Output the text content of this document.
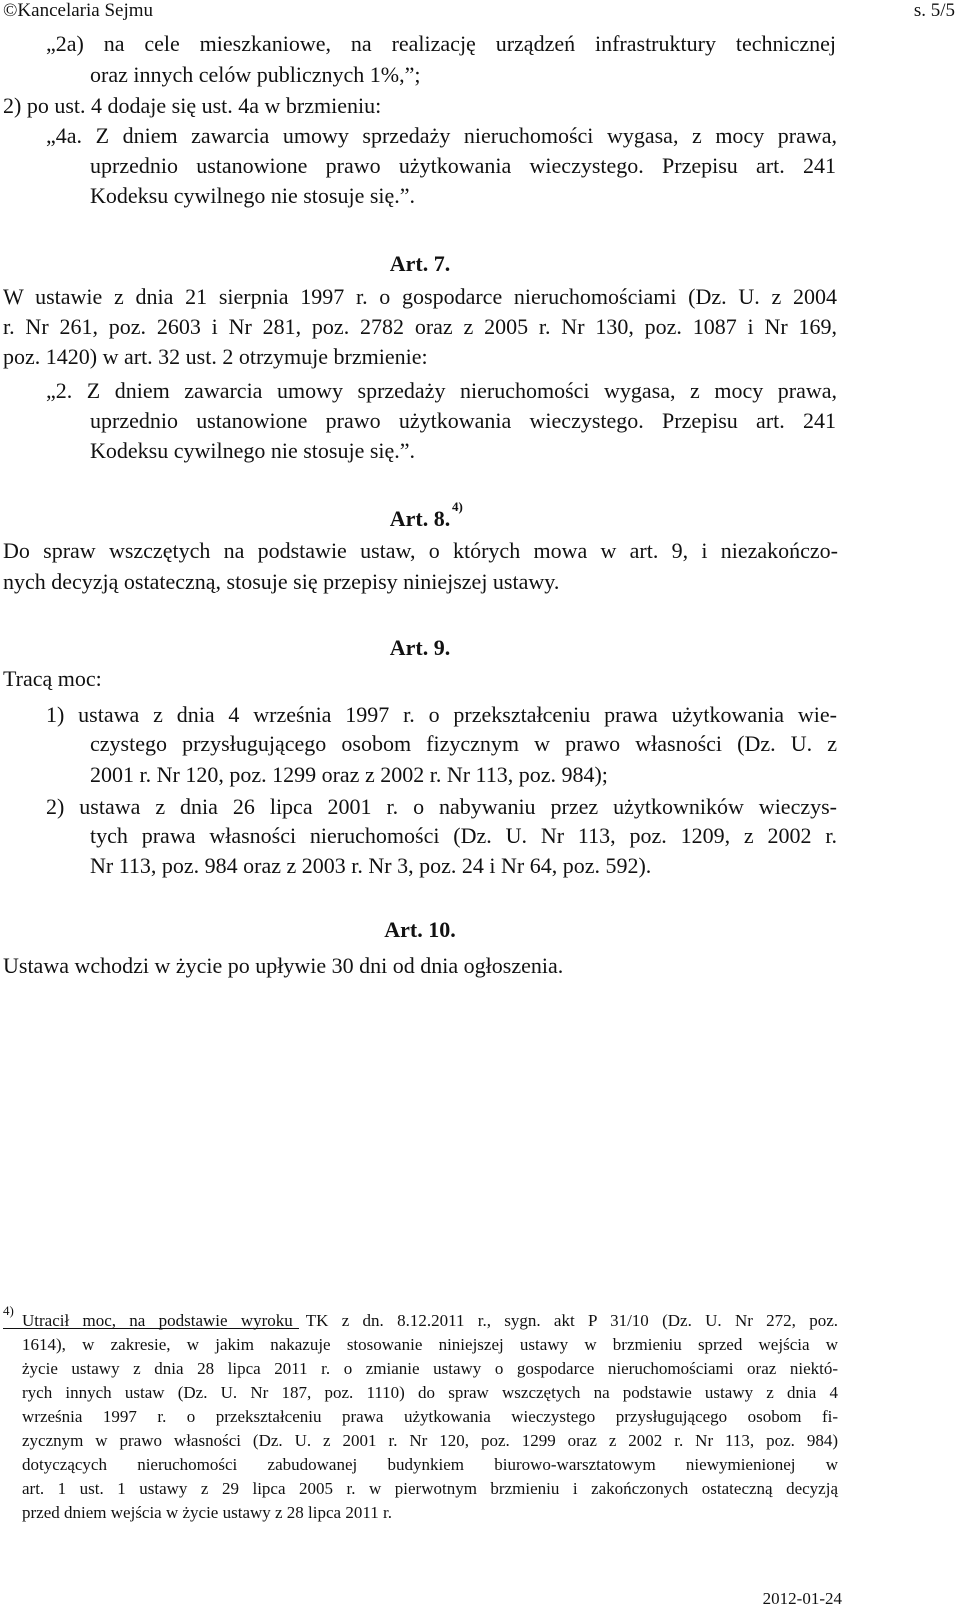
©Kancelaria Sejmu	s. 5/5
„2a) na cele mieszkaniowe, na realizację urządzeń infrastruktury technicznej
oraz innych celów publicznych 1%,”;
2) po ust. 4 dodaje się ust. 4a w brzmieniu:
„4a. Z dniem zawarcia umowy sprzedaży nieruchomości wygasa, z mocy prawa,
uprzednio ustanowione prawo użytkowania wieczystego. Przepisu art. 241
Kodeksu cywilnego nie stosuje się.”.
Art. 7.
W ustawie z dnia 21 sierpnia 1997 r. o gospodarce nieruchomościami (Dz. U. z 2004
r. Nr 261, poz. 2603 i Nr 281, poz. 2782 oraz z 2005 r. Nr 130, poz. 1087 i Nr 169,
poz. 1420) w art. 32 ust. 2 otrzymuje brzmienie:
„2. Z dniem zawarcia umowy sprzedaży nieruchomości wygasa, z mocy prawa,
uprzednio ustanowione prawo użytkowania wieczystego. Przepisu art. 241
Kodeksu cywilnego nie stosuje się.”.
Art. 8. 4)
Do spraw wszczętych na podstawie ustaw, o których mowa w art. 9, i niezakończo-
nych decyzją ostateczną, stosuje się przepisy niniejszej ustawy.
Art. 9.
Tracą moc:
1) ustawa z dnia 4 września 1997 r. o przekształceniu prawa użytkowania wie-
czystego przysługującego osobom fizycznym w prawo własności (Dz. U. z
2001 r. Nr 120, poz. 1299 oraz z 2002 r. Nr 113, poz. 984);
2) ustawa z dnia 26 lipca 2001 r. o nabywaniu przez użytkowników wieczys-
tych prawa własności nieruchomości (Dz. U. Nr 113, poz. 1209, z 2002 r.
Nr 113, poz. 984 oraz z 2003 r. Nr 3, poz. 24 i Nr 64, poz. 592).
Art. 10.
Ustawa wchodzi w życie po upływie 30 dni od dnia ogłoszenia.
4)
Utracił moc, na podstawie wyroku TK z dn. 8.12.2011 r., sygn. akt P 31/10 (Dz. U. Nr 272, poz.
1614), w zakresie, w jakim nakazuje stosowanie niniejszej ustawy w brzmieniu sprzed wejścia w
życie ustawy z dnia 28 lipca 2011 r. o zmianie ustawy o gospodarce nieruchomościami oraz niektó-
rych innych ustaw (Dz. U. Nr 187, poz. 1110) do spraw wszczętych na podstawie ustawy z dnia 4
września 1997 r. o przekształceniu prawa użytkowania wieczystego przysługującego osobom fi-
zycznym w prawo własności (Dz. U. z 2001 r. Nr 120, poz. 1299 oraz z 2002 r. Nr 113, poz. 984)
dotyczących nieruchomości zabudowanej budynkiem biurowo-warsztatowym niewymienionej w
art. 1 ust. 1 ustawy z 29 lipca 2005 r. w pierwotnym brzmieniu i zakończonych ostateczną decyzją
przed dniem wejścia w życie ustawy z 28 lipca 2011 r.
2012-01-24
